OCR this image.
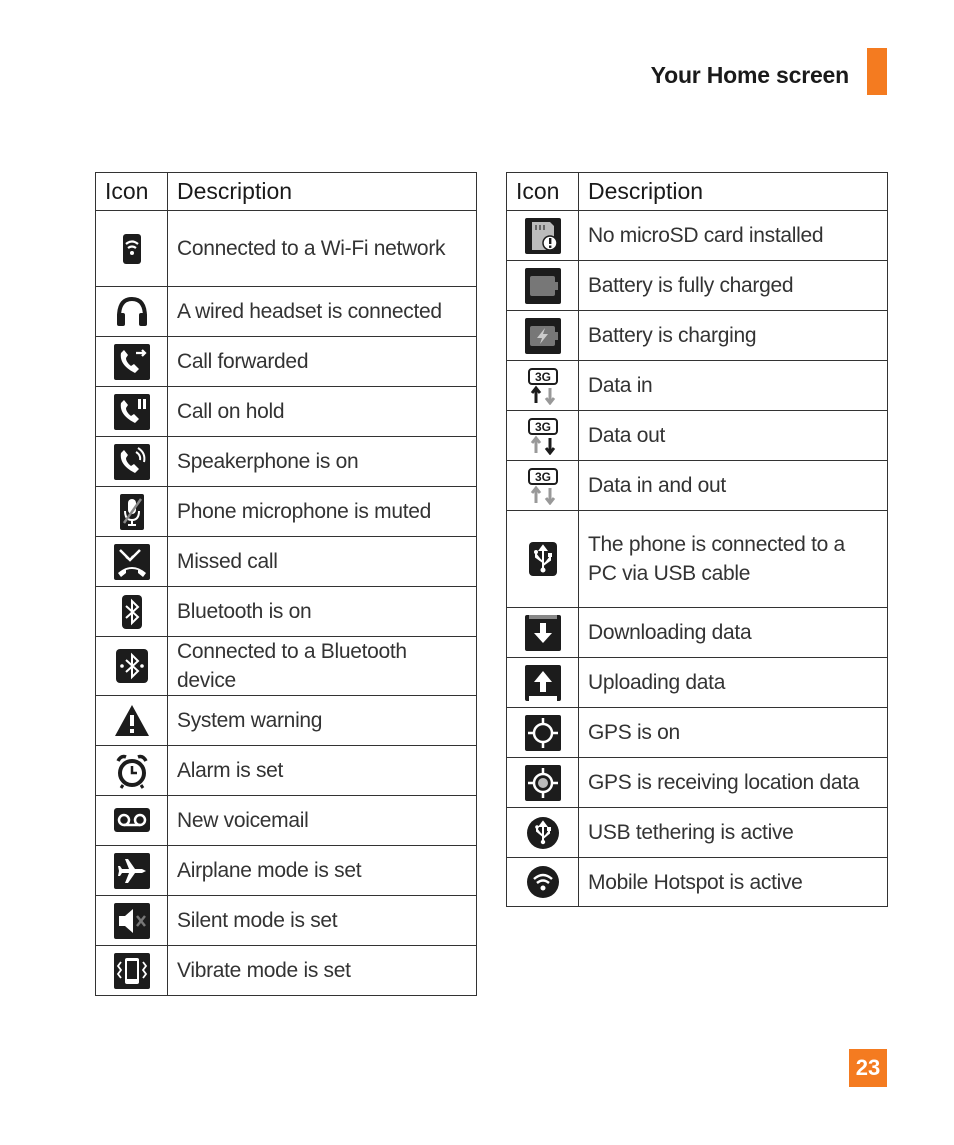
Your Home screen
Icon	Description

	Connected to a Wi-Fi network

	A wired headset is connected

	Call forwarded

	Call on hold

	Speakerphone is on

	Phone microphone is muted

	Missed call

	Bluetooth is on

	Connected to a Bluetooth device

	System warning

	Alarm is set

	New voicemail

	Airplane mode is set

	Silent mode is set

	Vibrate mode is set
Icon	Description

	No microSD card installed

	Battery is fully charged

	Battery is charging

3G	Data in

3G	Data out

3G	Data in and out

	The phone is connected to a PC via USB cable

	Downloading data

	Uploading data

	GPS is on

	GPS is receiving location data

	USB tethering is active

	Mobile Hotspot is active
23
